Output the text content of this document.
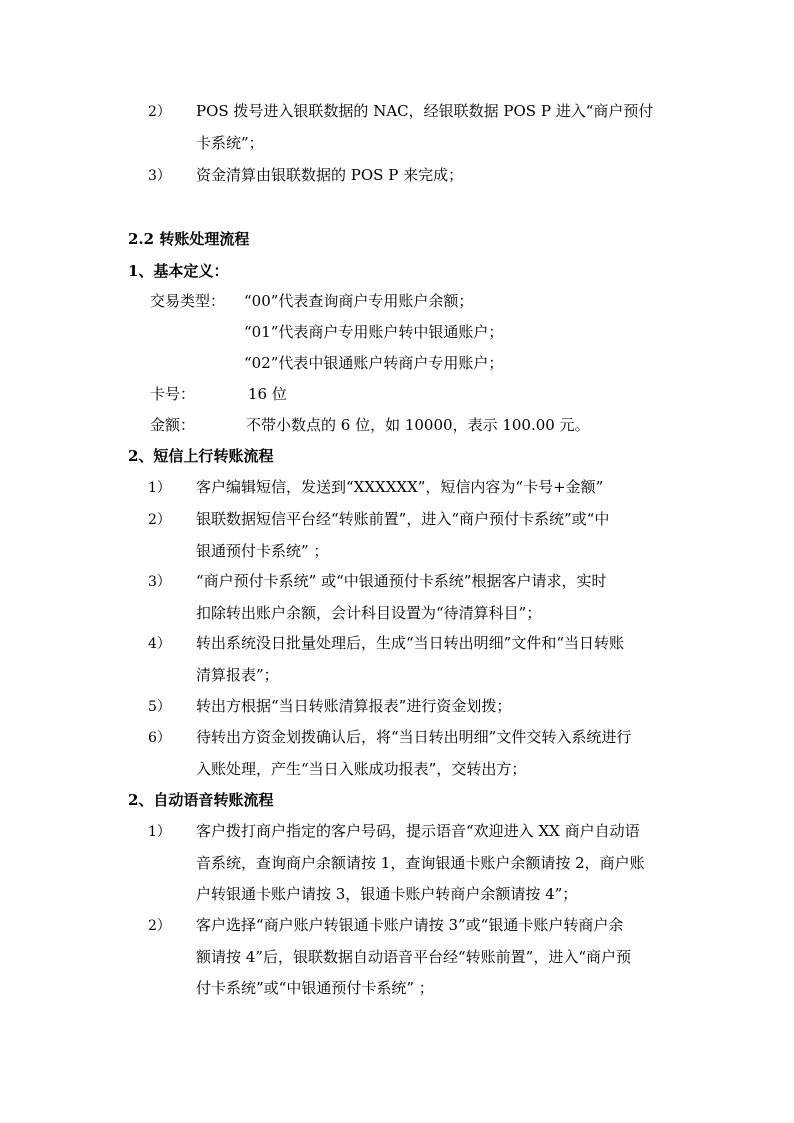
2） POS 拨号进入银联数据的 NAC，经银联数据 POS P 进入“商户预付
卡系统”；
3） 资金清算由银联数据的 POS P 来完成；
2.2 转账处理流程
1、基本定义：
交易类型： “00”代表查询商户专用账户余额；
“01”代表商户专用账户转中银通账户；
“02”代表中银通账户转商户专用账户；
卡号：	16 位
金额：	不带小数点的 6 位，如 10000，表示 100.00 元。
2、短信上行转账流程
1） 客户编辑短信，发送到“XXXXXX”，短信内容为“卡号+金额”
2） 银联数据短信平台经“转账前置”，进入“商户预付卡系统”或“中
银通预付卡系统” ；
3） “商户预付卡系统” 或“中银通预付卡系统”根据客户请求，实时
扣除转出账户余额，会计科目设置为“待清算科目”；
4） 转出系统没日批量处理后，生成“当日转出明细”文件和“当日转账
清算报表”；
5） 转出方根据“当日转账清算报表”进行资金划拨；
6） 待转出方资金划拨确认后，将“当日转出明细”文件交转入系统进行
入账处理，产生“当日入账成功报表”，交转出方；
2、自动语音转账流程
1） 客户拨打商户指定的客户号码，提示语音“欢迎进入 XX 商户自动语
音系统，查询商户余额请按 1，查询银通卡账户余额请按 2，商户账
户转银通卡账户请按 3，银通卡账户转商户余额请按 4”；
2） 客户选择“商户账户转银通卡账户请按 3”或“银通卡账户转商户余
额请按 4”后，银联数据自动语音平台经“转账前置”，进入“商户预
付卡系统”或“中银通预付卡系统” ；
